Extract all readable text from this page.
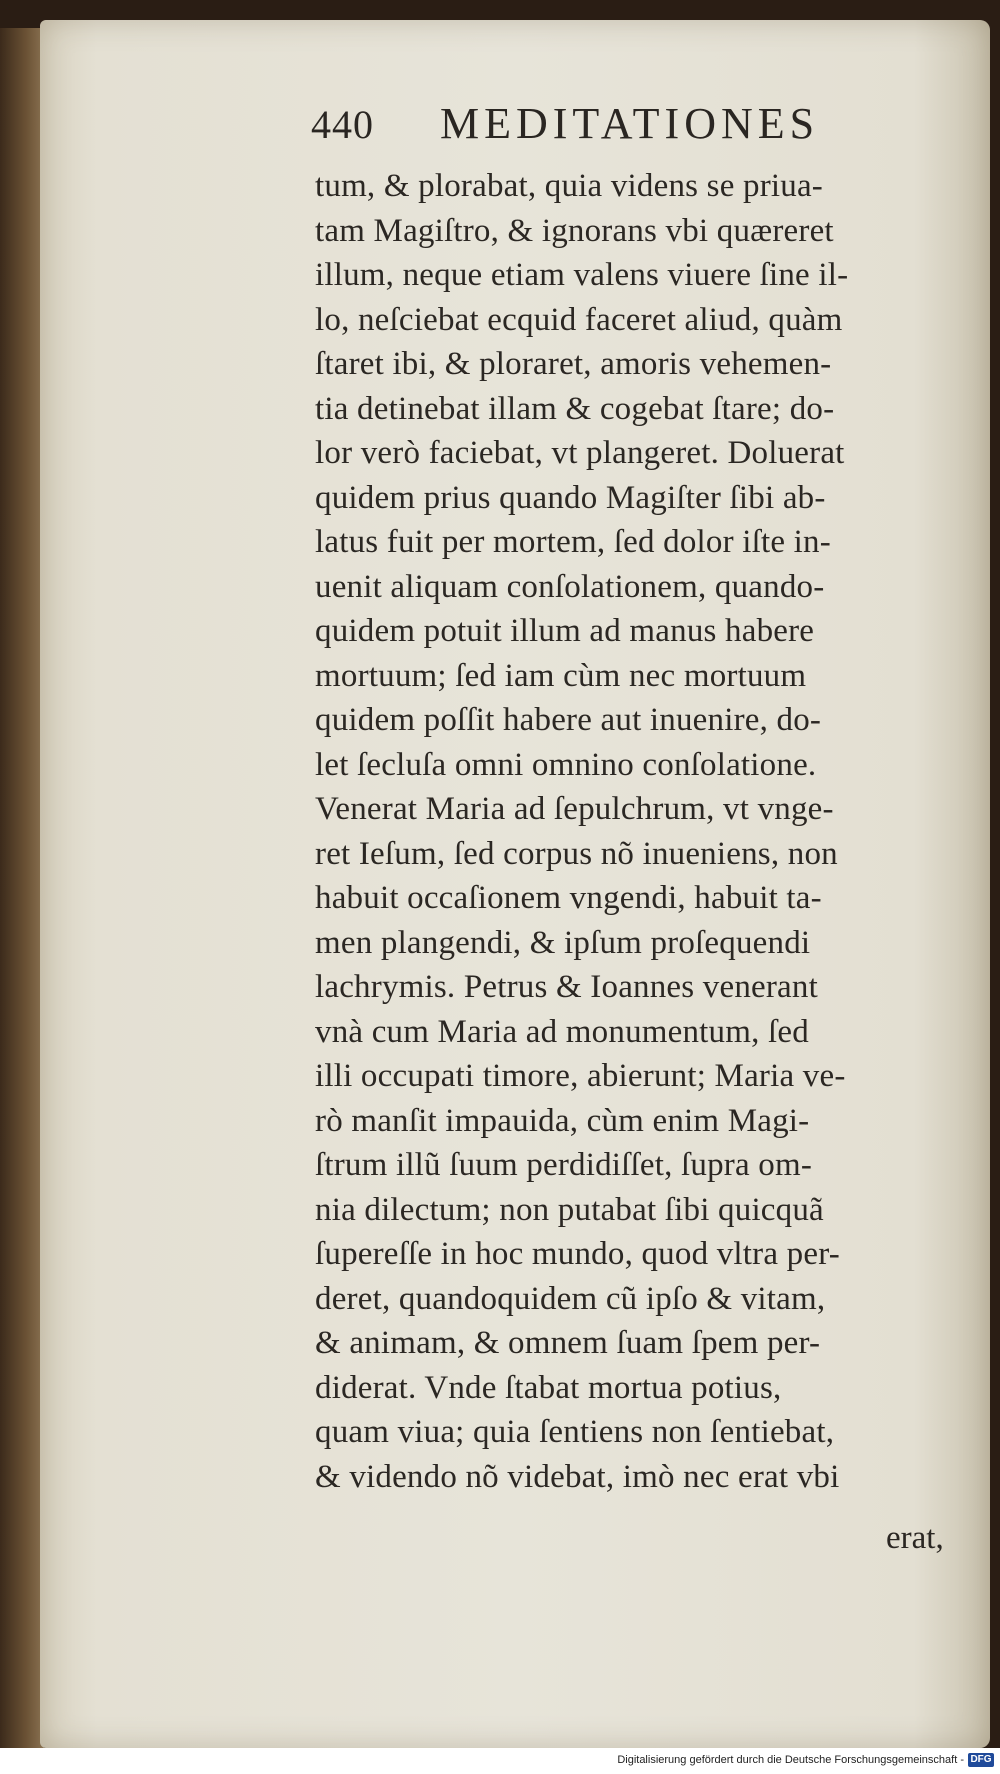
440 MEDITATIONES
tum, & plorabat, quia videns se priua-
tam Magiſtro, & ignorans vbi quæreret
illum, neque etiam valens viuere ſine il-
lo, neſciebat ecquid faceret aliud, quàm
ſtaret ibi, & ploraret, amoris vehemen-
tia detinebat illam & cogebat ſtare; do-
lor verò faciebat, vt plangeret. Doluerat
quidem prius quando Magiſter ſibi ab-
latus fuit per mortem, ſed dolor iſte in-
uenit aliquam conſolationem, quando-
quidem potuit illum ad manus habere
mortuum; ſed iam cùm nec mortuum
quidem poſſit habere aut inuenire, do-
let ſecluſa omni omnino conſolatione.
Venerat Maria ad ſepulchrum, vt vnge-
ret Ieſum, ſed corpus nõ inueniens, non
habuit occaſionem vngendi, habuit ta-
men plangendi, & ipſum proſequendi
lachrymis. Petrus & Ioannes venerant
vnà cum Maria ad monumentum, ſed
illi occupati timore, abierunt; Maria ve-
rò manſit impauida, cùm enim Magi-
ſtrum illũ ſuum perdidiſſet, ſupra om-
nia dilectum; non putabat ſibi quicquã
ſupereſſe in hoc mundo, quod vltra per-
deret, quandoquidem cũ ipſo & vitam,
& animam, & omnem ſuam ſpem per-
diderat. Vnde ſtabat mortua potius,
quam viua; quia ſentiens non ſentiebat,
& videndo nõ videbat, imò nec erat vbi
erat,
Digitalisierung gefördert durch die Deutsche Forschungsgemeinschaft - DFG
